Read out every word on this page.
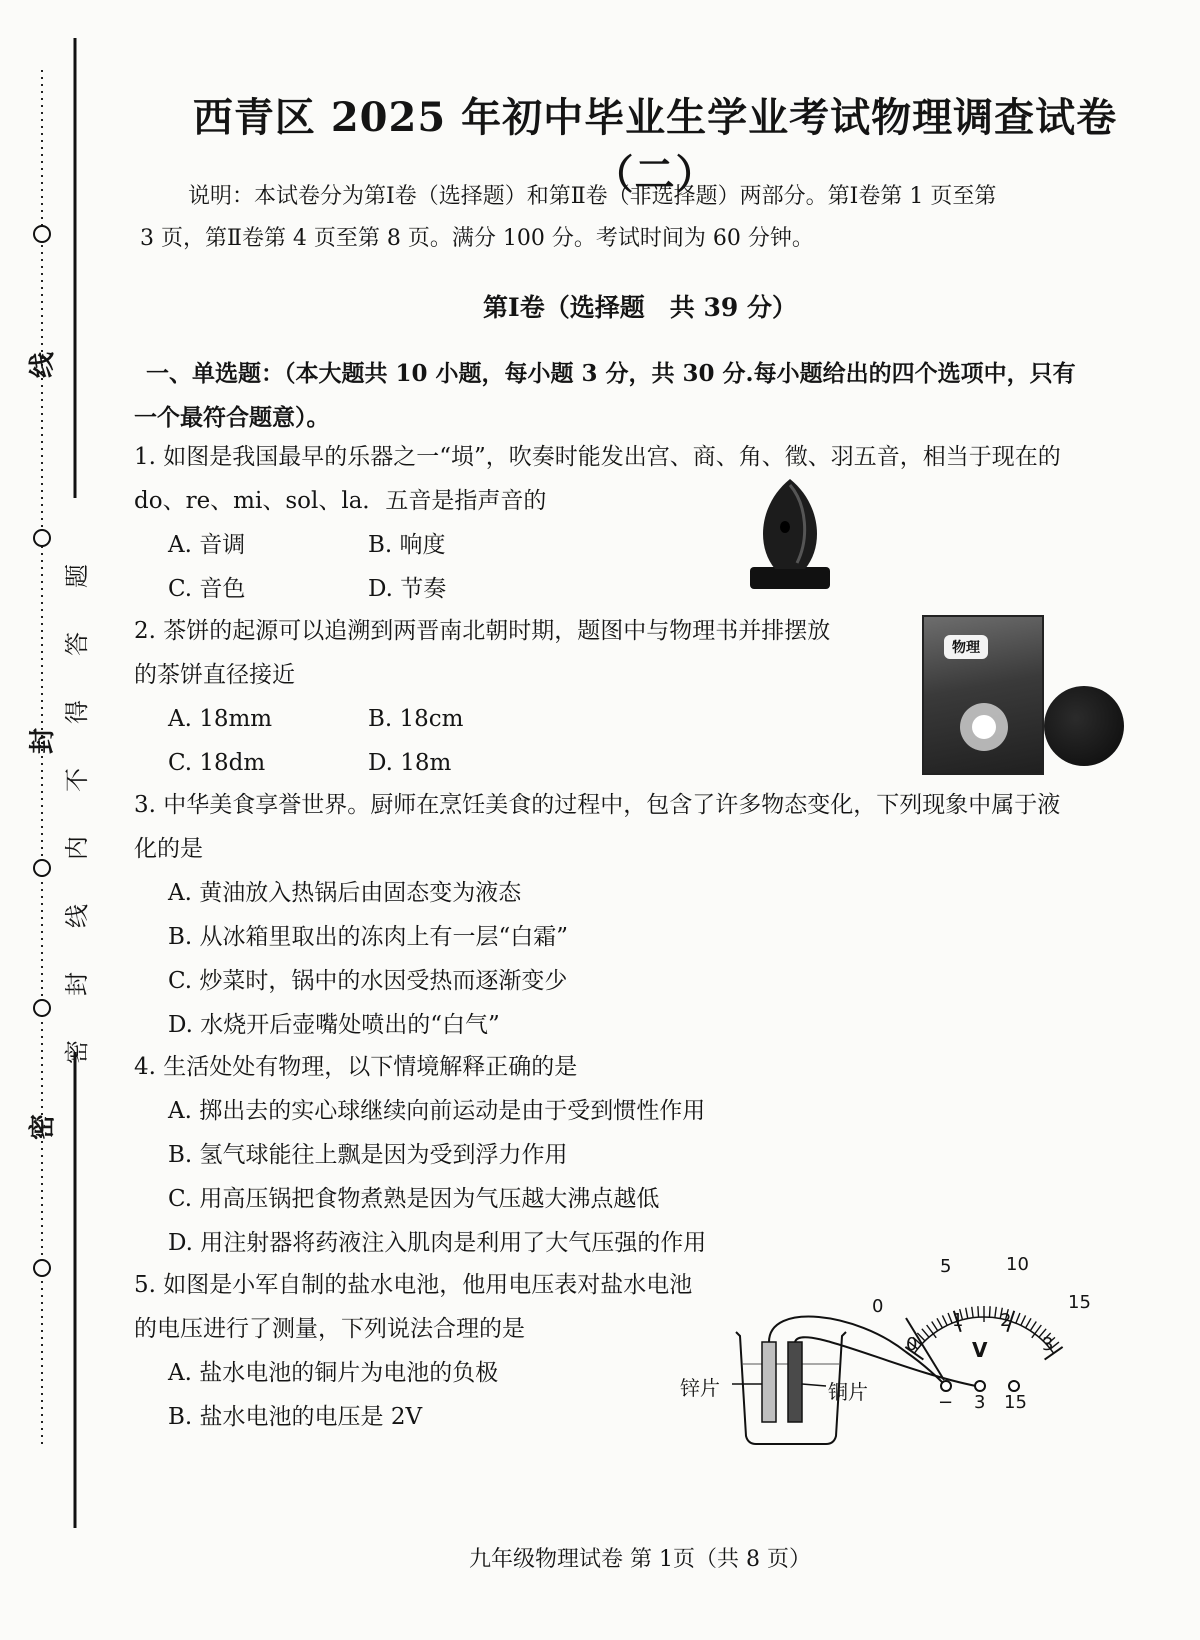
线
封
密
题
答
得
不
内
线
封
密
西青区 2025 年初中毕业生学业考试物理调查试卷（二）
说明：本试卷分为第Ⅰ卷（选择题）和第Ⅱ卷（非选择题）两部分。第Ⅰ卷第 1 页至第
3 页，第Ⅱ卷第 4 页至第 8 页。满分 100 分。考试时间为 60 分钟。
第Ⅰ卷（选择题　共 39 分）
一、单选题：（本大题共 10 小题，每小题 3 分，共 30 分.每小题给出的四个选项中，只有
一个最符合题意）。
1. 如图是我国最早的乐器之一“埙”，吹奏时能发出宫、商、角、徵、羽五音，相当于现在的
do、re、mi、sol、la．五音是指声音的
A. 音调	B. 响度
C. 音色	D. 节奏
2. 茶饼的起源可以追溯到两晋南北朝时期，题图中与物理书并排摆放
的茶饼直径接近
A. 18mm	B. 18cm
C. 18dm	D. 18m
物理
3. 中华美食享誉世界。厨师在烹饪美食的过程中，包含了许多物态变化，下列现象中属于液
化的是
A. 黄油放入热锅后由固态变为液态
B. 从冰箱里取出的冻肉上有一层“白霜”
C. 炒菜时，锅中的水因受热而逐渐变少
D. 水烧开后壶嘴处喷出的“白气”
4. 生活处处有物理，以下情境解释正确的是
A. 掷出去的实心球继续向前运动是由于受到惯性作用
B. 氢气球能往上飘是因为受到浮力作用
C. 用高压锅把食物煮熟是因为气压越大沸点越低
D. 用注射器将药液注入肌肉是利用了大气压强的作用
5. 如图是小军自制的盐水电池，他用电压表对盐水电池
的电压进行了测量，下列说法合理的是
A. 盐水电池的铜片为电池的负极
B. 盐水电池的电压是 2V
锌片	铜片
V
− 3 15
0
5	10
15
0
1 2
3
九年级物理试卷 第 1页（共 8 页）
